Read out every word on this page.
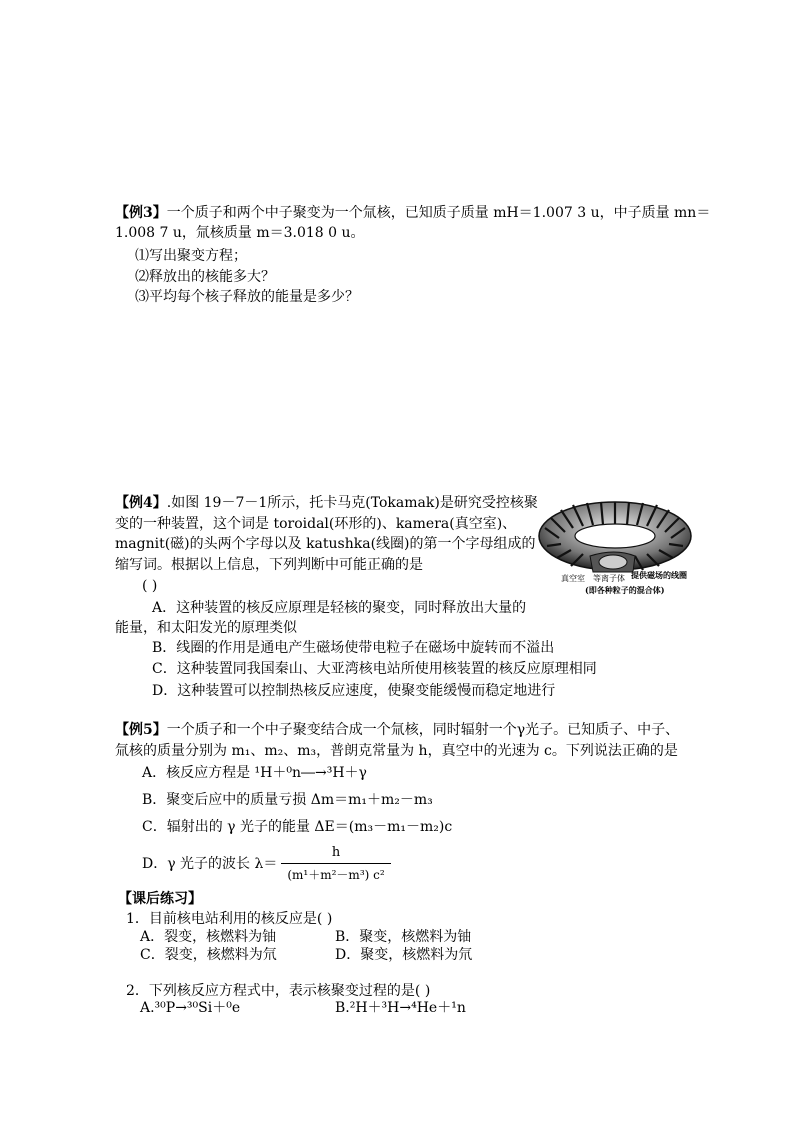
【例3】一个质子和两个中子聚变为一个氚核，已知质子质量 mH＝1.007 3 u，中子质量 mn＝
1.008 7 u，氚核质量 m＝3.018 0 u。
⑴写出聚变方程；
⑵释放出的核能多大？
⑶平均每个核子释放的能量是多少？
【例4】.如图 19－7－1所示，托卡马克(Tokamak)是研究受控核聚
变的一种装置，这个词是 toroidal(环形的)、kamera(真空室)、
magnit(磁)的头两个字母以及 katushka(线圈)的第一个字母组成的
缩写词。根据以上信息，下列判断中可能正确的是
( )
A．这种装置的核反应原理是轻核的聚变，同时释放出大量的
能量，和太阳发光的原理类似
B．线圈的作用是通电产生磁场使带电粒子在磁场中旋转而不溢出
C．这种装置同我国秦山、大亚湾核电站所使用核装置的核反应原理相同
D．这种装置可以控制热核反应速度，使聚变能缓慢而稳定地进行
真空室 等离子体 提供磁场的线圈
(即各种粒子的混合体)
【例5】一个质子和一个中子聚变结合成一个氚核，同时辐射一个γ光子。已知质子、中子、
氚核的质量分别为 m₁、m₂、m₃，普朗克常量为 h，真空中的光速为 c。下列说法正确的是
A．核反应方程是 ¹H＋⁰n―→³H＋γ
B．聚变后应中的质量亏损 Δm＝m₁＋m₂－m₃
C．辐射出的 γ 光子的能量 ΔE＝(m₃－m₁－m₂)c
D．γ 光子的波长 $\lambda= \frac{h}{\text{(m¹＋m²－m³) c²}}$
【课后练习】
1．目前核电站利用的核反应是( )
A．裂变，核燃料为铀	B．聚变，核燃料为铀
C．裂变，核燃料为氘	D．聚变，核燃料为氘
2．下列核反应方程式中，表示核聚变过程的是( )
A.³⁰P→³⁰Si＋⁰e	B.²H＋³H→⁴He＋¹n
